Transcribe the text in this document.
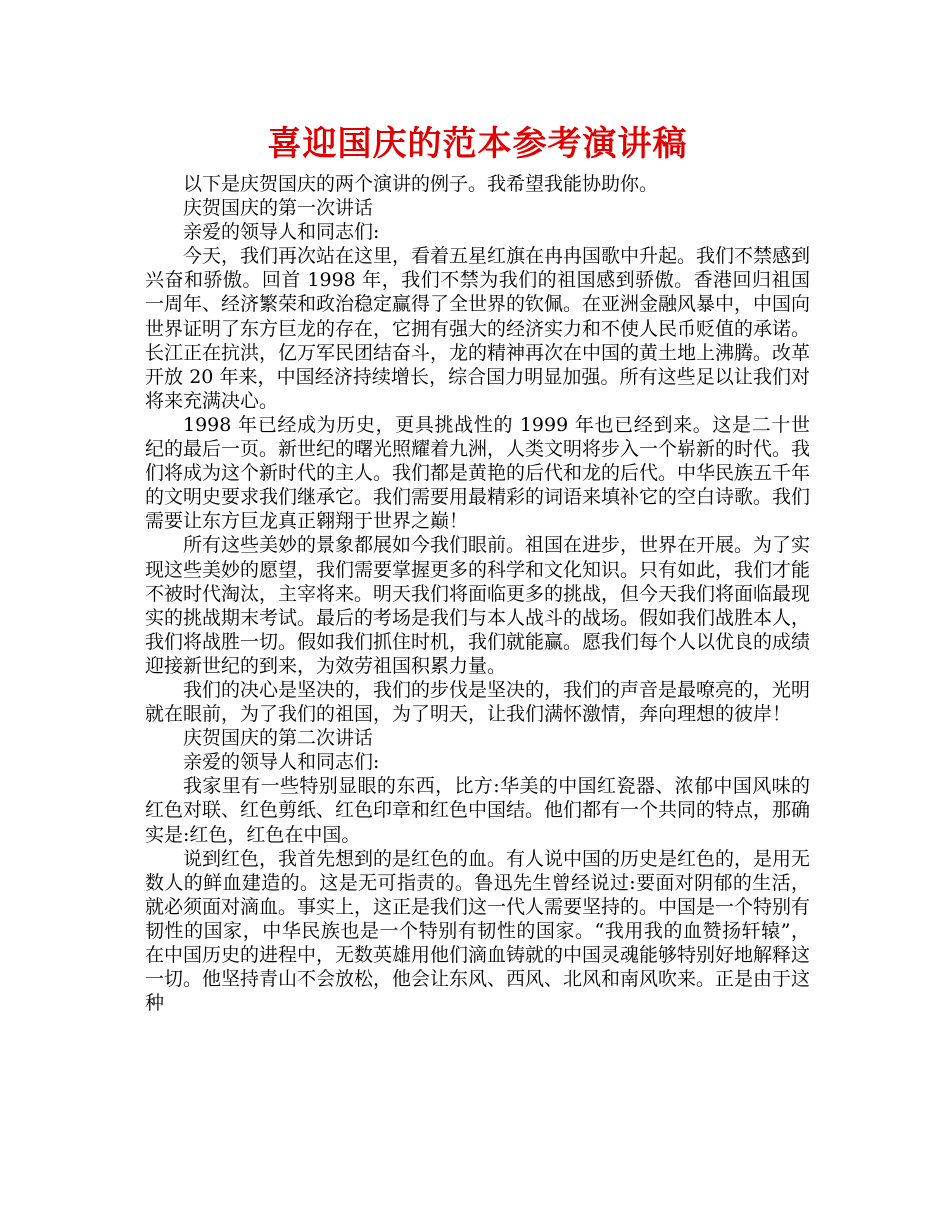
喜迎国庆的范本参考演讲稿

以下是庆贺国庆的两个演讲的例子。我希望我能协助你。

庆贺国庆的第一次讲话

亲爱的领导人和同志们:

今天，我们再次站在这里，看着五星红旗在冉冉国歌中升起。我们不禁感到兴奋和骄傲。回首 1998 年，我们不禁为我们的祖国感到骄傲。香港回归祖国一周年、经济繁荣和政治稳定赢得了全世界的钦佩。在亚洲金融风暴中，中国向世界证明了东方巨龙的存在，它拥有强大的经济实力和不使人民币贬值的承诺。长江正在抗洪，亿万军民团结奋斗，龙的精神再次在中国的黄土地上沸腾。改革开放 20 年来，中国经济持续增长，综合国力明显加强。所有这些足以让我们对将来充满决心。

1998 年已经成为历史，更具挑战性的 1999 年也已经到来。这是二十世纪的最后一页。新世纪的曙光照耀着九洲，人类文明将步入一个崭新的时代。我们将成为这个新时代的主人。我们都是黄艳的后代和龙的后代。中华民族五千年的文明史要求我们继承它。我们需要用最精彩的词语来填补它的空白诗歌。我们需要让东方巨龙真正翱翔于世界之巅！

所有这些美妙的景象都展如今我们眼前。祖国在进步，世界在开展。为了实现这些美妙的愿望，我们需要掌握更多的科学和文化知识。只有如此，我们才能不被时代淘汰，主宰将来。明天我们将面临更多的挑战，但今天我们将面临最现实的挑战期末考试。最后的考场是我们与本人战斗的战场。假如我们战胜本人，我们将战胜一切。假如我们抓住时机，我们就能赢。愿我们每个人以优良的成绩迎接新世纪的到来，为效劳祖国积累力量。

我们的决心是坚决的，我们的步伐是坚决的，我们的声音是最嘹亮的，光明就在眼前，为了我们的祖国，为了明天，让我们满怀激情，奔向理想的彼岸！

庆贺国庆的第二次讲话

亲爱的领导人和同志们:

我家里有一些特别显眼的东西，比方:华美的中国红瓷器、浓郁中国风味的红色对联、红色剪纸、红色印章和红色中国结。他们都有一个共同的特点，那确实是:红色，红色在中国。

说到红色，我首先想到的是红色的血。有人说中国的历史是红色的，是用无数人的鲜血建造的。这是无可指责的。鲁迅先生曾经说过:要面对阴郁的生活，就必须面对滴血。事实上，这正是我们这一代人需要坚持的。中国是一个特别有韧性的国家，中华民族也是一个特别有韧性的国家。“我用我的血赞扬轩辕”，在中国历史的进程中，无数英雄用他们滴血铸就的中国灵魂能够特别好地解释这一切。他坚持青山不会放松，他会让东风、西风、北风和南风吹来。正是由于这种
